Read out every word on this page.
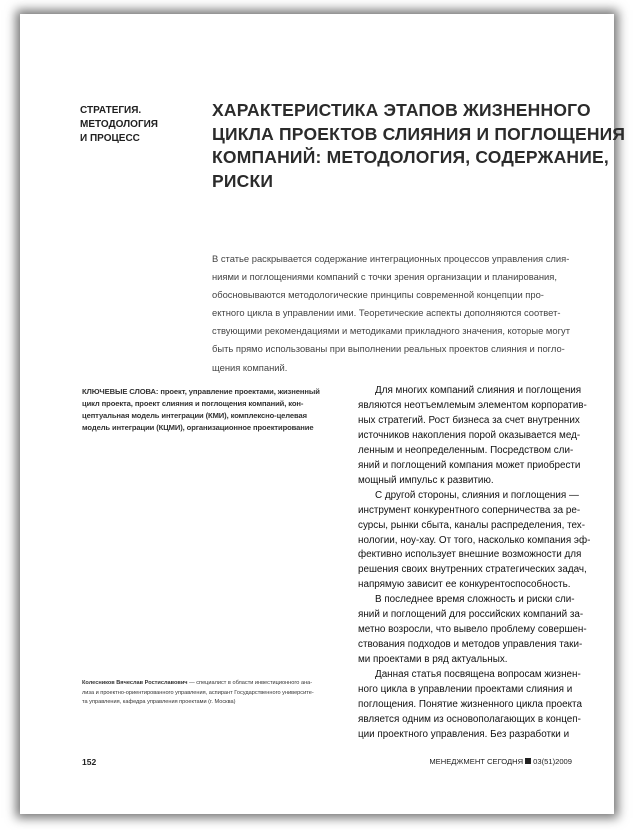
СТРАТЕГИЯ.
МЕТОДОЛОГИЯ
И ПРОЦЕСС
ХАРАКТЕРИСТИКА ЭТАПОВ ЖИЗНЕННОГО
ЦИКЛА ПРОЕКТОВ СЛИЯНИЯ И ПОГЛОЩЕНИЯ
КОМПАНИЙ: МЕТОДОЛОГИЯ, СОДЕРЖАНИЕ,
РИСКИ
В статье раскрывается содержание интеграционных процессов управления слия-
ниями и поглощениями компаний с точки зрения организации и планирования,
обосновываются методологические принципы современной концепции про-
ектного цикла в управлении ими. Теоретические аспекты дополняются соответ-
ствующими рекомендациями и методиками прикладного значения, которые могут
быть прямо использованы при выполнении реальных проектов слияния и погло-
щения компаний.
КЛЮЧЕВЫЕ СЛОВА: проект, управление проектами, жизненный
цикл проекта, проект слияния и поглощения компаний, кон-
цептуальная модель интеграции (КМИ), комплексно-целевая
модель интеграции (КЦМИ), организационное проектирование
Для многих компаний слияния и поглощения
являются неотъемлемым элементом корпоратив-
ных стратегий. Рост бизнеса за счет внутренних
источников накопления порой оказывается мед-
ленным и неопределенным. Посредством сли-
яний и поглощений компания может приобрести
мощный импульс к развитию.
С другой стороны, слияния и поглощения —
инструмент конкурентного соперничества за ре-
сурсы, рынки сбыта, каналы распределения, тех-
нологии, ноу-хау. От того, насколько компания эф-
фективно использует внешние возможности для
решения своих внутренних стратегических задач,
напрямую зависит ее конкурентоспособность.
В последнее время сложность и риски сли-
яний и поглощений для российских компаний за-
метно возросли, что вывело проблему совершен-
ствования подходов и методов управления таки-
ми проектами в ряд актуальных.
Данная статья посвящена вопросам жизнен-
ного цикла в управлении проектами слияния и
поглощения. Понятие жизненного цикла проекта
является одним из основополагающих в концеп-
ции проектного управления. Без разработки и
Колесников Вячеслав Ростиславович — специалист в области инвестиционного ана-
лиза и проектно-ориентированного управления, аспирант Государственного университе-
та управления, кафедра управления проектами (г. Москва)
152	МЕНЕДЖМЕНТ СЕГОДНЯ 03(51)2009
